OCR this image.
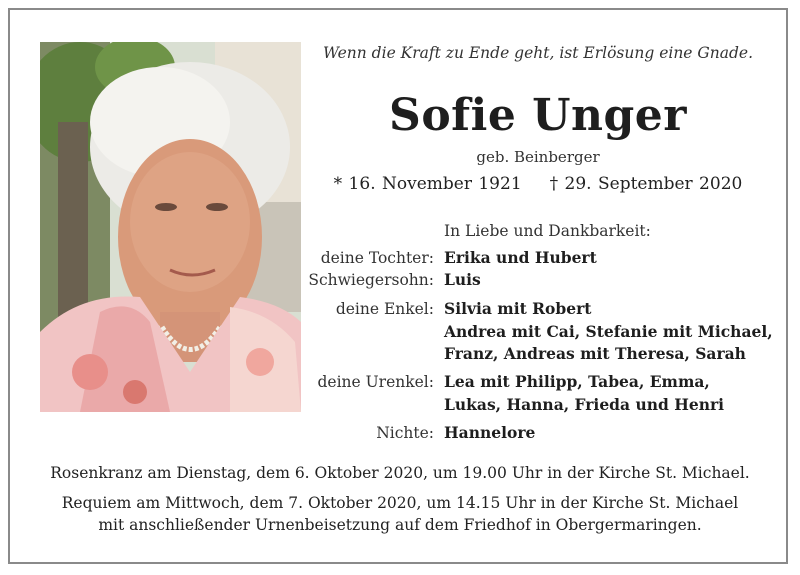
Wenn die Kraft zu Ende geht, ist Erlösung eine Gnade.
Sofie Unger
geb. Beinberger
* 16. November 1921 † 29. September 2020
In Liebe und Dankbarkeit:
deine Tochter: Erika und Hubert
Schwiegersohn: Luis
deine Enkel: Silvia mit Robert
Andrea mit Cai, Stefanie mit Michael,
Franz, Andreas mit Theresa, Sarah
deine Urenkel: Lea mit Philipp, Tabea, Emma,
Lukas, Hanna, Frieda und Henri
Nichte: Hannelore
Rosenkranz am Dienstag, dem 6. Oktober 2020, um 19.00 Uhr in der Kirche St. Michael.
Requiem am Mittwoch, dem 7. Oktober 2020, um 14.15 Uhr in der Kirche St. Michael
mit anschließender Urnenbeisetzung auf dem Friedhof in Obergermaringen.
